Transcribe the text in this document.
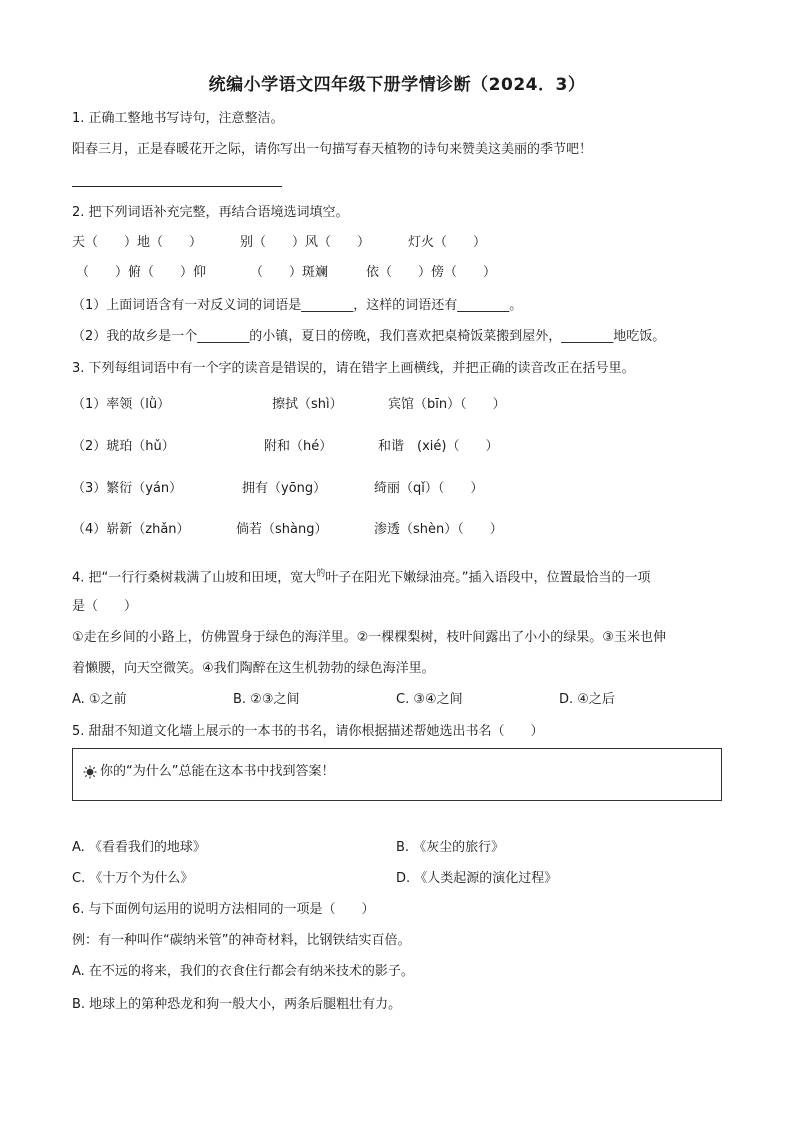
统编小学语文四年级下册学情诊断（2024．3）
1. 正确工整地书写诗句，注意整洁。
阳春三月，正是春暖花开之际，请你写出一句描写春天植物的诗句来赞美这美丽的季节吧！
2. 把下列词语补充完整，再结合语境选词填空。
天（　　）地（　　）	别（　　）风（　　）	灯火（　　）
（　　）俯（　　）仰	（　　）斑斓	依（　　）傍（　　）
（1）上面词语含有一对反义词的词语是________，这样的词语还有________。
（2）我的故乡是一个________的小镇，夏日的傍晚，我们喜欢把桌椅饭菜搬到屋外，________地吃饭。
3. 下列每组词语中有一个字的读音是错误的，请在错字上画横线，并把正确的读音改正在括号里。
（1）率领（lǜ）	擦拭（shì）	宾馆（bīn）（　　）
（2）琥珀（hǔ）	附和（hé）	和谐　(xié)（　　）
（3）繁衍（yán）	拥有（yōng）	绮丽（qǐ）（　　）
（4）崭新（zhǎn）	倘若（shàng）	渗透（shèn）（　　）
4. 把“一行行桑树栽满了山坡和田埂，宽大$^的$叶子在阳光下嫩绿油亮。”插入语段中，位置最恰当的一项
是（　　）
①走在乡间的小路上，仿佛置身于绿色的海洋里。②一棵棵梨树，枝叶间露出了小小的绿果。③玉米也伸
着懒腰，向天空微笑。④我们陶醉在这生机勃勃的绿色海洋里。
A. ①之前	B. ②③之间	C. ③④之间	D. ④之后
5. 甜甜不知道文化墙上展示的一本书的书名，请你根据描述帮她选出书名（　　）
你的“为什么”总能在这本书中找到答案！
A. 《看看我们的地球》	B. 《灰尘的旅行》
C. 《十万个为什么》	D. 《人类起源的演化过程》
6. 与下面例句运用的说明方法相同的一项是（　　）
例：有一种叫作“碳纳米管”的神奇材料，比钢铁结实百倍。
A. 在不远的将来，我们的衣食住行都会有纳米技术的影子。
B. 地球上的第种恐龙和狗一般大小，两条后腿粗壮有力。
